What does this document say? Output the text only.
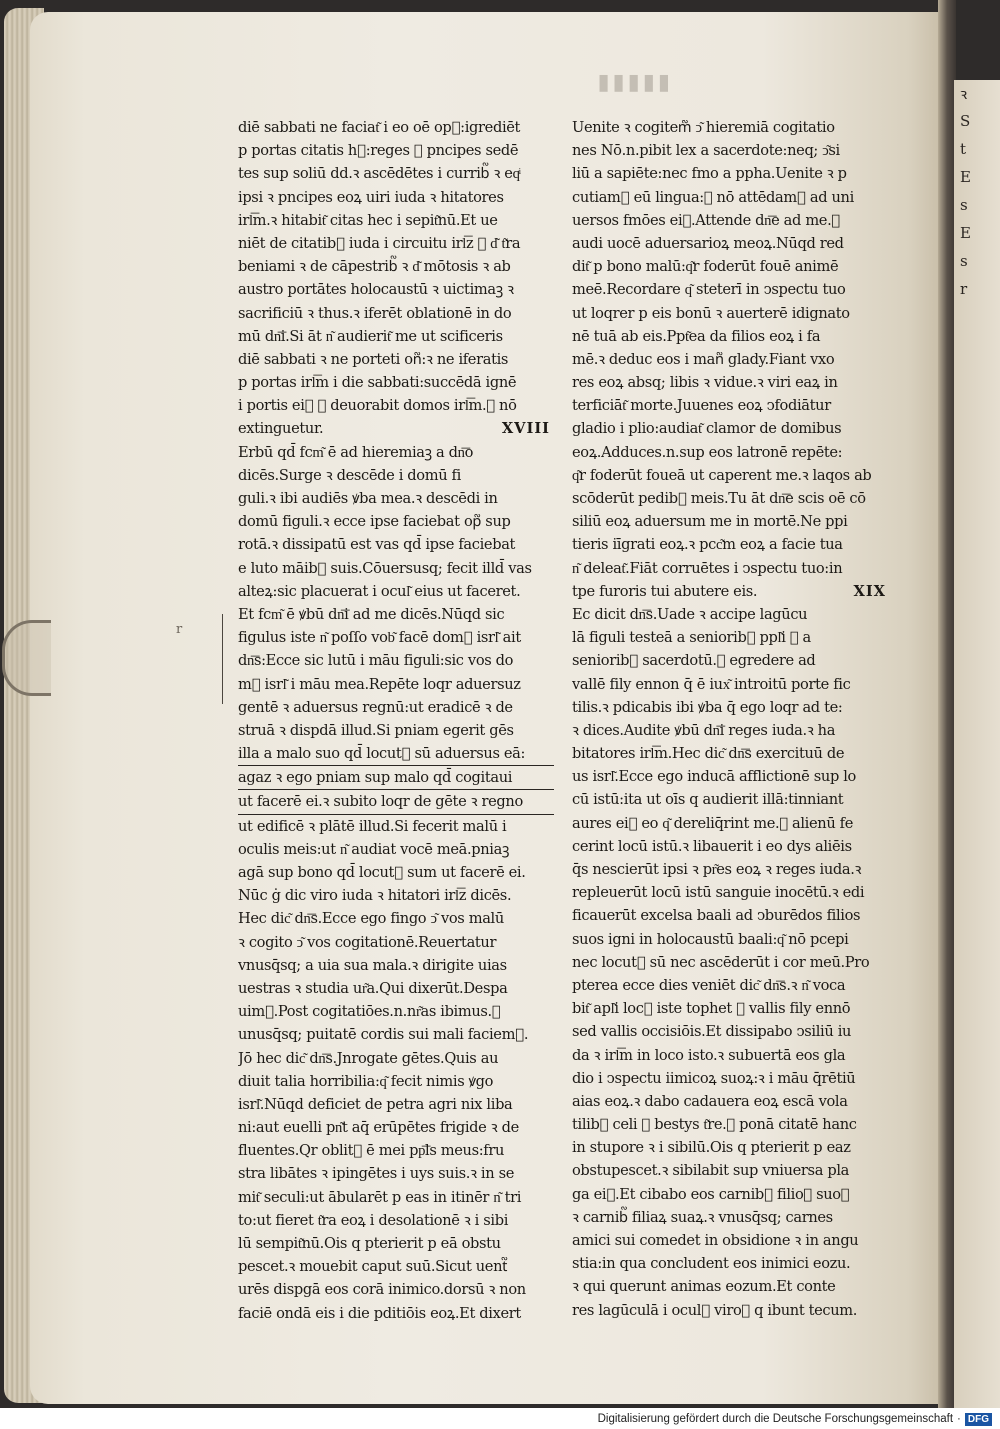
ꝛ
S
t
E
s
E
s
r
▮▮▮▮▮
diē sabbati ne faciat͂ i eo oē op᷑:igrediēt
p portas citatis h᷑:reges ꝛ pncipes sedē
tes sup soliū dd.ꝛ ascēdētes i currib᷑ ꝛ eqͥ
ipsi ꝛ pncipes eoꝝ uiri iuda ꝛ hitatores
irl͞m.ꝛ hitabit͂ citas hec i sepit͂nū.Et ue
niēt de citatib᷑ iuda i circuitu irl͞z ꝛ d͂ t͂ra
beniami ꝛ de cāpestrib᷑ ꝛ d͂ mōtosis ꝛ ab
austro portātes holocaustū ꝛ uictimaꝫ ꝛ
sacrificiū ꝛ thus.ꝛ iferēt oblationē in do
mū dn͞i.Si āt n͂ audierit͂ me ut scificeris
diē sabbati ꝛ ne porteti on᷑:ꝛ ne iferatis
p portas irl͞m i die sabbati:succēdā ignē
i portis ei᷑ ꝛ deuorabit domos irl͞m.ꝛ nō
extinguetur.	XVIII
Erbū qd̄ fcm͂ ē ad hieremiaꝫ a dn͞o
dicēs.Surge ꝛ descēde i domū fi
guli.ꝛ ibi audiēs ꝟba mea.ꝛ descēdi in
domū figuli.ꝛ ecce ipse faciebat op᷑ sup
rotā.ꝛ dissipatū est vas qd̄ ipse faciebat
e luto māib᷑ suis.Cōuersusq; fecit illd̄ vas
alteꝝ:sic placuerat i ocul͂ eius ut faceret.
Et fcm͂ ē ꝟbū dn͞i ad me dicēs.Nūqd sic
figulus iste n͂ poſſo vob͂ facē dom᷑ isrl͂ ait
dn͞s:Ecce sic lutū i māu figuli:sic vos do
m᷑ isrl͂ i māu mea.Repēte loqr aduersuz
gentē ꝛ aduersus regnū:ut eradicē ꝛ de
struā ꝛ dispdā illud.Si pniam egerit gēs
illa a malo suo qd̄ locut᷑ sū aduersus eā:
agaz ꝛ ego pniam sup malo qd̄ cogitaui
ut facerē ei.ꝛ subito loqr de gēte ꝛ regno
ut edificē ꝛ plātē illud.Si fecerit malū i
oculis meis:ut n͂ audiat vocē meā.pniaꝫ
agā sup bono qd̄ locut᷑ sum ut facerē ei.
Nūc ġ dic viro iuda ꝛ hitatori irl͞z dicēs.
Hec dic͂ dn͞s.Ecce ego fingo ↄ͂ vos malū
ꝛ cogito ↄ͂ vos cogitationē.Reuertatur
vnusq̄sq; a uia sua mala.ꝛ dirigite uias
uestras ꝛ studia ur͂a.Qui dixerūt.Despa
uim᷑.Post cogitatiōes.n.nr͂as ibimus.ꝛ
unusq̄sq; puitatē cordis sui mali faciem᷑.
Jō hec dic͂ dn͞s.Jnrogate gētes.Quis au
diuit talia horribilia:q͂ fecit nimis ꝟgo
isrl͂.Nūqd deficiet de petra agri nix liba
ni:aut euelli pn͂t aq̄ erūpētes frigide ꝛ de
fluentes.Qr oblit᷑ ē mei pp͞ls meus:fru
stra libātes ꝛ ipingētes i uys suis.ꝛ in se
mit͂ seculi:ut ābularēt p eas in itinēr n͂ tri
to:ut fieret t͂ra eoꝝ i desolationē ꝛ i sibi
lū sempit͂nū.Ois q pterierit p eā obstu
pescet.ꝛ mouebit caput suū.Sicut uent᷑
urēs dispgā eos corā inimico.dorsū ꝛ non
faciē ondā eis i die pditiōis eoꝝ.Et dixert
Uenite ꝛ cogitem᷑ ↄ͂ hieremiā cogitatio
nes Nō.n.pibit lex a sacerdote:neq; ↄ͂si
liū a sapiēte:nec fmo a ppha.Uenite ꝛ p
cutiam᷑ eū lingua:ꝛ nō attēdam᷑ ad uni
uersos fmōes ei᷑.Attende dn͞e ad me.ꝛ
audi uocē aduersarioꝝ meoꝝ.Nūqd red
dit͂ p bono malū:q͂r foderūt fouē animē
meē.Recordare q͂ steterī in ↄspectu tuo
ut loqrer p eis bonū ꝛ auerterē idignato
nē tuā ab eis.Ppt͂ea da filios eoꝝ i fa
mē.ꝛ deduc eos i man᷑ glady.Fiant vxo
res eoꝝ absq; libis ꝛ vidue.ꝛ viri eaꝝ in
terficiāt͂ morte.Juuenes eoꝝ ↄfodiātur
gladio i plio:audiat͂ clamor de domibus
eoꝝ.Adduces.n.sup eos latronē repēte:
q͂r foderūt foueā ut caperent me.ꝛ laqos ab
scōderūt pedib᷑ meis.Tu āt dn͞e scis oē cō
siliū eoꝝ aduersum me in mortē.Ne ppi
tieris iīgrati eoꝝ.ꝛ pcc͂m eoꝝ a facie tua
n͂ deleat͂.Fiāt corruētes i ↄspectu tuo:in
tpe furoris tui abutere eis.	XIX
Ec dicit dn͞s.Uade ꝛ accipe lagūcu
lā figuli testeā a seniorib᷑ ppl͂i ꝛ a
seniorib᷑ sacerdotū.ꝛ egredere ad
vallē fily ennon q̄ ē iux͂ introitū porte fic
tilis.ꝛ pdicabis ibi ꝟba q̄ ego loqr ad te:
ꝛ dices.Audite ꝟbū dn͞i reges iuda.ꝛ ha
bitatores irl͞m.Hec dic͂ dn͞s exercituū de
us isrl͂.Ecce ego inducā afflictionē sup lo
cū istū:ita ut oīs q audierit illā:tinniant
aures ei᷑ eo q͂ dereliq̄rint me.ꝛ alienū fe
cerint locū istū.ꝛ libauerit i eo dys aliēis
q̄s nescierūt ipsi ꝛ pr͂es eoꝝ ꝛ reges iuda.ꝛ
repleuerūt locū istū sanguie inocētū.ꝛ edi
ficauerūt excelsa baali ad ↄburēdos filios
suos igni in holocaustū baali:q͂ nō pcepi
nec locut᷑ sū nec ascēderūt i cor meū.Pro
pterea ecce dies veniēt dic͂ dn͞s.ꝛ n͂ voca
bit͂ apl͂i loc᷑ iste tophet ꝛ vallis fily ennō
sed vallis occisiōis.Et dissipabo ↄsiliū iu
da ꝛ irl͞m in loco isto.ꝛ subuertā eos gla
dio i ↄspectu iimicoꝝ suoꝝ:ꝛ i māu q̄rētiū
aias eoꝝ.ꝛ dabo cadauera eoꝝ escā vola
tilib᷑ celi ꝛ bestys t͂re.ꝛ ponā citatē hanc
in stupore ꝛ i sibilū.Ois q pterierit p eaz
obstupescet.ꝛ sibilabit sup vniuersa pla
ga ei᷑.Et cibabo eos carnib᷑ filioꝝ suoꝝ
ꝛ carnib᷑ filiaꝝ suaꝝ.ꝛ vnusq̄sq; carnes
amici sui comedet in obsidione ꝛ in angu
stia:in qua concludent eos inimici eozu.
ꝛ qui querunt animas eozum.Et conte
res lagūculā i ocul᷑ viroꝝ q ibunt tecum.
r
Digitalisierung gefördert durch die Deutsche Forschungsgemeinschaft · DFG
